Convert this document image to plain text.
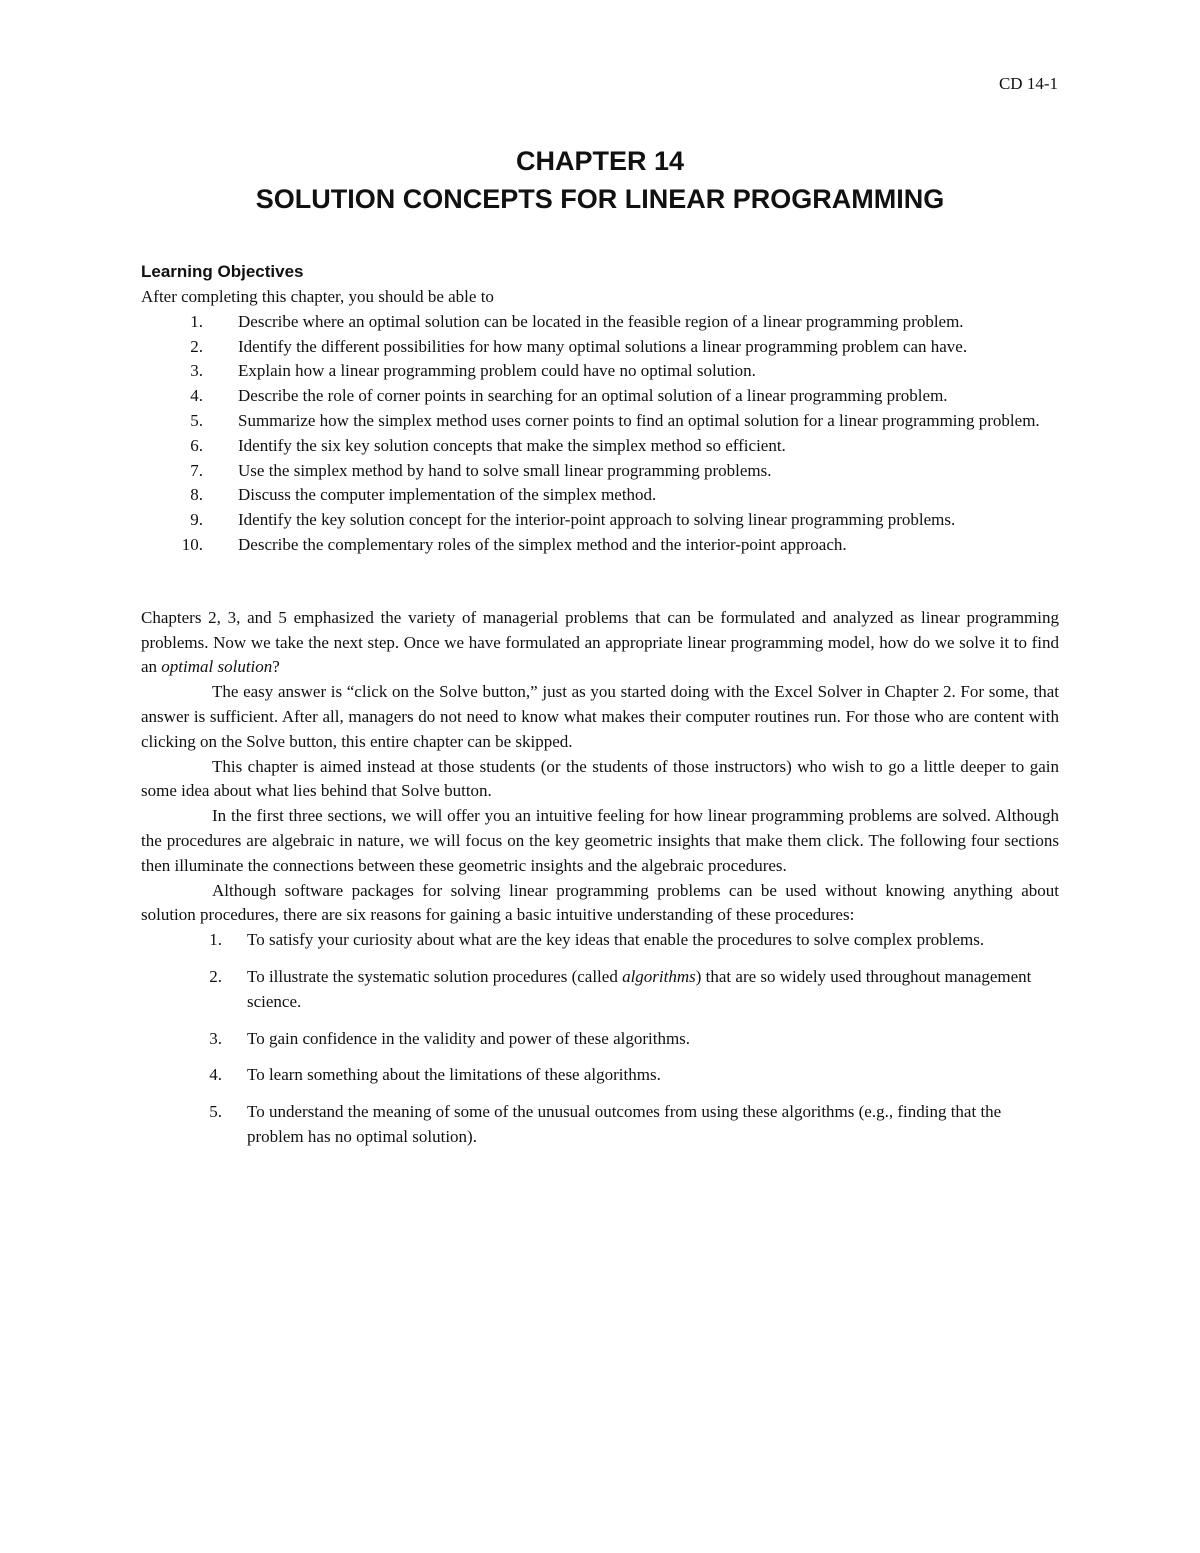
CD 14-1
CHAPTER 14
SOLUTION CONCEPTS FOR LINEAR PROGRAMMING
Learning Objectives
After completing this chapter, you should be able to
1. Describe where an optimal solution can be located in the feasible region of a linear programming problem.
2. Identify the different possibilities for how many optimal solutions a linear programming problem can have.
3. Explain how a linear programming problem could have no optimal solution.
4. Describe the role of corner points in searching for an optimal solution of a linear programming problem.
5. Summarize how the simplex method uses corner points to find an optimal solution for a linear programming problem.
6. Identify the six key solution concepts that make the simplex method so efficient.
7. Use the simplex method by hand to solve small linear programming problems.
8. Discuss the computer implementation of the simplex method.
9. Identify the key solution concept for the interior-point approach to solving linear programming problems.
10. Describe the complementary roles of the simplex method and the interior-point approach.

Chapters 2, 3, and 5 emphasized the variety of managerial problems that can be formulated and analyzed as linear programming problems. Now we take the next step. Once we have formulated an appropriate linear programming model, how do we solve it to find an optimal solution?

The easy answer is “click on the Solve button,” just as you started doing with the Excel Solver in Chapter 2. For some, that answer is sufficient. After all, managers do not need to know what makes their computer routines run. For those who are content with clicking on the Solve button, this entire chapter can be skipped.

This chapter is aimed instead at those students (or the students of those instructors) who wish to go a little deeper to gain some idea about what lies behind that Solve button.

In the first three sections, we will offer you an intuitive feeling for how linear programming problems are solved. Although the procedures are algebraic in nature, we will focus on the key geometric insights that make them click. The following four sections then illuminate the connections between these geometric insights and the algebraic procedures.

Although software packages for solving linear programming problems can be used without knowing anything about solution procedures, there are six reasons for gaining a basic intuitive understanding of these procedures:

1. To satisfy your curiosity about what are the key ideas that enable the procedures to solve complex problems.
2. To illustrate the systematic solution procedures (called algorithms) that are so widely used throughout management science.
3. To gain confidence in the validity and power of these algorithms.
4. To learn something about the limitations of these algorithms.
5. To understand the meaning of some of the unusual outcomes from using these algorithms (e.g., finding that the problem has no optimal solution).
